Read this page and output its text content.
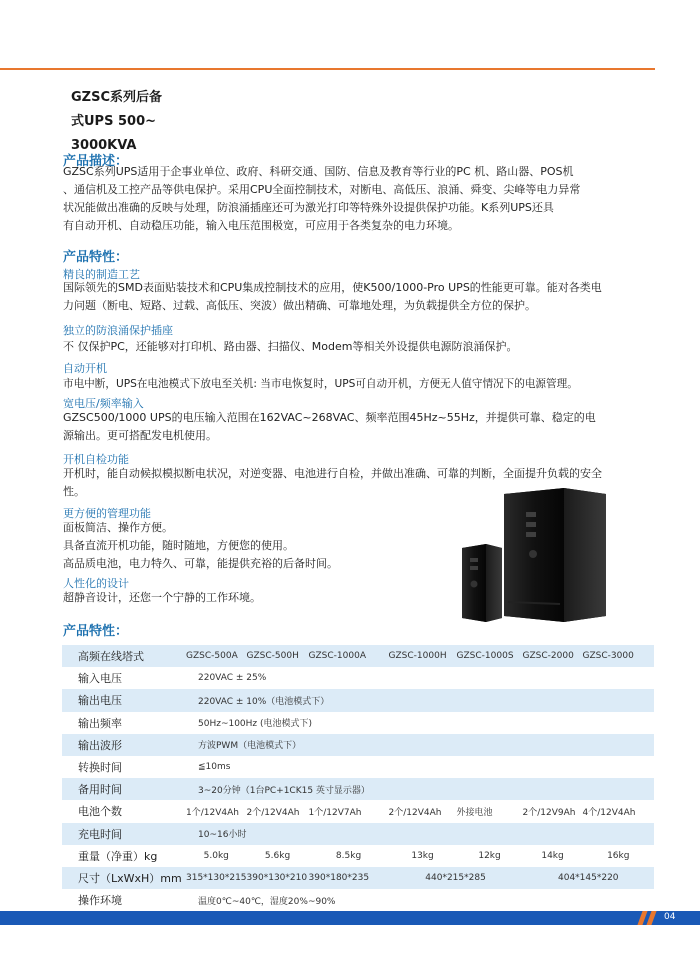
GZSC系列后备
式UPS 500~
3000KVA
产品描述：
GZSC系列UPS适用于企事业单位、政府、科研交通、国防、信息及教育等行业的PC 机、路山器、POS机
、通信机及工控产品等供电保护。采用CPU全面控制技术，对断电、高低压、浪涌、舜变、尖峰等电力异常
状况能做出准确的反映与处理，防浪涌插座还可为激光打印等特殊外设提供保护功能。K系列UPS还具
有自动开机、自动稳压功能，输入电压范围极宽，可应用于各类复杂的电力环境。
产品特性：
精良的制造工艺
国际领先的SMD表面贴装技术和CPU集成控制技术的应用，使K500/1000-Pro UPS的性能更可靠。能对各类电
力问题（断电、短路、过载、高低压、突波）做出精确、可靠地处理，为负载提供全方位的保护。
独立的防浪涌保护插座
不 仅保护PC，还能够对打印机、路由器、扫描仪、Modem等相关外设提供电源防浪涌保护。
自动开机
市电中断，UPS在电池模式下放电至关机: 当市电恢复时，UPS可自动开机，方便无人值守情况下的电源管理。
宽电压/频率输入
GZSC500/1000 UPS的电压输入范围在162VAC~268VAC、频率范围45Hz~55Hz，并提供可靠、稳定的电
源输出。更可搭配发电机使用。
开机自检功能
开机时，能自动候拟模拟断电状况，对逆变器、电池进行自检，并做出准确、可靠的判断，全面提升负载的安全
性。
更方便的管理功能
面板简洁、操作方便。
具备直流开机功能，随时随地，方便您的使用。
高品质电池，电力特久、可靠，能提供充裕的后备时间。
人性化的设计
超静音设计，还您一个宁静的工作环境。
产品特性：
高频在线塔式	GZSC-500A	GZSC-500H	GZSC-1000A	GZSC-1000H	GZSC-1000S	GZSC-2000	GZSC-3000
输入电压	220VAC ± 25%						
输出电压	220VAC ± 10%（电池模式下）						
输出频率	50Hz~100Hz (电池模式下)						
输出波形	方波PWM（电池模式下）						
转换时间	≦10ms						
备用时间	3~20分钟（1台PC+1CK15 英寸显示器）						
电池个数	1个/12V4Ah	2个/12V4Ah	1个/12V7Ah	2个/12V4Ah	外接电池	2个/12V9Ah	4个/12V4Ah
充电时间	10~16小时						
重量（净重）kg	5.0kg	5.6kg	8.5kg	13kg	12kg	14kg	16kg
尺寸（LxWxH）mm	315*130*215	390*130*210	390*180*235	440*215*285		404*145*220	
操作环境	温度0℃~40℃，湿度20%~90%						
04
